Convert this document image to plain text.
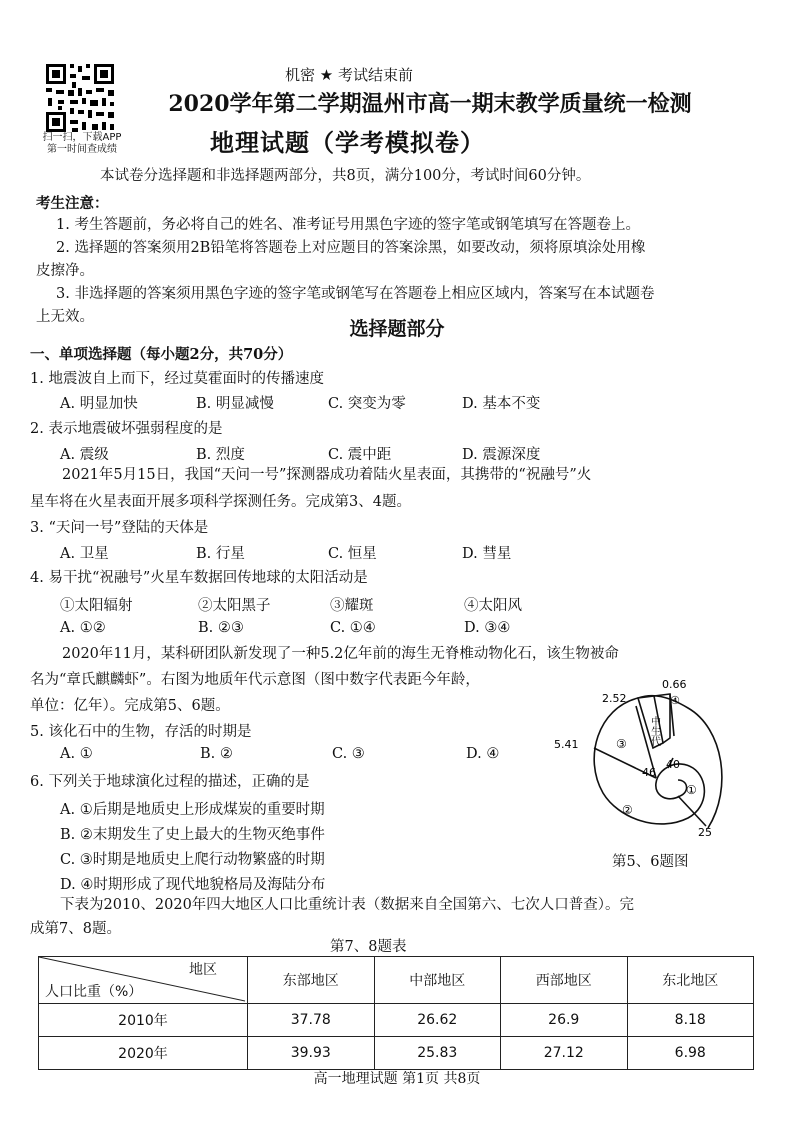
扫一扫，下载APP
第一时间查成绩
机密 ★ 考试结束前
2020学年第二学期温州市高一期末教学质量统一检测
地理试题（学考模拟卷）
本试卷分选择题和非选择题两部分，共8页，满分100分，考试时间60分钟。
考生注意：
1. 考生答题前，务必将自己的姓名、准考证号用黑色字迹的签字笔或钢笔填写在答题卷上。
2. 选择题的答案须用2B铅笔将答题卷上对应题目的答案涂黑，如要改动，须将原填涂处用橡
皮擦净。
3. 非选择题的答案须用黑色字迹的签字笔或钢笔写在答题卷上相应区域内，答案写在本试题卷
上无效。
选择题部分
一、单项选择题（每小题2分，共70分）
1. 地震波自上而下，经过莫霍面时的传播速度
A. 明显加快	B. 明显减慢	C. 突变为零	D. 基本不变
2. 表示地震破坏强弱程度的是
A. 震级	B. 烈度	C. 震中距	D. 震源深度
2021年5月15日，我国“天问一号”探测器成功着陆火星表面，其携带的“祝融号”火
星车将在火星表面开展多项科学探测任务。完成第3、4题。
3. “天问一号”登陆的天体是
A. 卫星	B. 行星	C. 恒星	D. 彗星
4. 易干扰“祝融号”火星车数据回传地球的太阳活动是
①太阳辐射	②太阳黑子	③耀斑	④太阳风
A. ①②	B. ②③	C. ①④	D. ③④
2020年11月，某科研团队新发现了一种5.2亿年前的海生无脊椎动物化石，该生物被命
名为“章氏麒麟虾”。右图为地质年代示意图（图中数字代表距今年龄，
单位：亿年）。完成第5、6题。
5. 该化石中的生物，存活的时期是
A. ①	B. ②	C. ③	D. ④
6. 下列关于地球演化过程的描述，正确的是
A. ①后期是地质史上形成煤炭的重要时期
B. ②末期发生了史上最大的生物灭绝事件
C. ③时期是地质史上爬行动物繁盛的时期
D. ④时期形成了现代地貌格局及海陆分布
0.66
2.52
5.41
46
40
25
中生代
①
②
③
④
第5、6题图
下表为2010、2020年四大地区人口比重统计表（数据来自全国第六、七次人口普查）。完
成第7、8题。
第7、8题表
地区
人口比重（%）	东部地区	中部地区	西部地区	东北地区
2010年	37.78	26.62	26.9	8.18
2020年	39.93	25.83	27.12	6.98
高一地理试题 第1页 共8页
